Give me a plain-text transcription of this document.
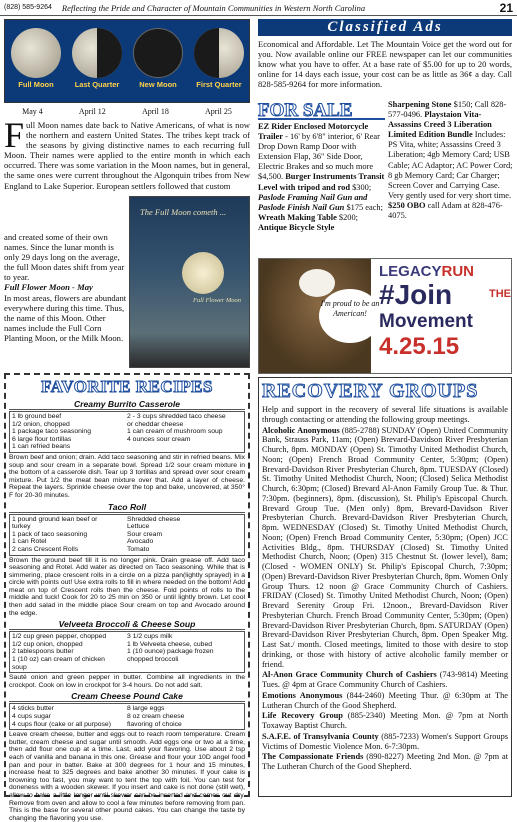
(828) 585-9264 Reflecting the Pride and Character of Mountain Communities in Western North Carolina	21
Full Moon	Last Quarter	New Moon	First Quarter
May 4	April 12	April 18	April 25
Full Moon names date back to Native Americans, of what is now the northern and eastern United States. The tribes kept track of the seasons by giving distinctive names to each recurring full Moon. Their names were applied to the entire month in which each occurred. There was some variation in the Moon names, but in general, the same ones were current throughout the Algonquin tribes from New England to Lake Superior. European settlers followed that custom
The Full Moon cometh ...
Full Flower Moon
and created some of their own names. Since the lunar month is only 29 days long on the average, the full Moon dates shift from year to year.
Full Flower Moon - May
In most areas, flowers are abundant everywhere during this time. Thus, the name of this Moon. Other names include the Full Corn Planting Moon, or the Milk Moon.
FAVORITE RECIPES
Creamy Burrito Casserole
1 lb ground beef	2 - 3 cups shredded taco cheese
1/2 onion, chopped	or cheddar cheese
1 package taco seasoning	1 can cream of mushroom soup
6 large flour tortillas	4 ounces sour cream
1 can refried beans
Brown beef and onion; drain. Add taco seasoning and stir in refried beans. Mix soup and sour cream in a separate bowl. Spread 1/2 sour cream mixture in the bottom of a casserole dish. Tear up 3 tortillas and spread over sour cream mixture. Put 1/2 the meat bean mixture over that. Add a layer of cheese. Repeat the layers. Sprinkle cheese over the top and bake, uncovered, at 350° F for 20-30 minutes.
Taco Roll
1 pound ground lean beef or	Shredded cheese
turkey	Lettuce
1 pack of taco seasoning	Sour cream
1 can Rotel	Avocado
2 cans Crescent Rolls	Tomato
Brown the ground beef till it is no longer pink. Drain grease off. Add taco seasoning and Rotel. Add water as directed on Taco seasoning. While that is simmering, place crescent rolls in a circle on a pizza pan(lightly sprayed) in a circle with points out! Use extra rolls to fill in where needed on the bottom! Add meat on top of Crescent rolls then the cheese. Fold points of rolls to the middle and tuck! Cook for 20 to 25 min on 350 or until lightly brown. Let cool then add salad in the middle place Sour cream on top and Avocado around the edge.
Velveeta Broccoli & Cheese Soup
1/2 cup green pepper, chopped	3 1/2 cups milk
1/2 cup onion, chopped	1 lb Velveeta cheese, cubed
2 tablespoons butter	1 (10 ounce) package frozen
1 (10 oz) can cream of chicken	chopped broccoli
soup
Sauté onion and green pepper in butter. Combine all ingredients in the crockpot. Cook on low in crockpot for 3-4 hours. Do not add salt.
Cream Cheese Pound Cake
4 sticks butter	8 large eggs
4 cups sugar	8 oz cream cheese
4 cups flour (cake or all purpose)	flavoring of choice
Leave cream cheese, butter and eggs out to reach room temperature. Cream butter, cream cheese and sugar until smooth. Add eggs one or two at a time, then add flour one cup at a time. Last, add your flavoring. Use about 2 tsp each of vanilla and banana in this one. Grease and flour your 10D angel food pan and pour in batter. Bake at 300 degrees for 1 hour and 15 minutes, increase heat to 325 degrees and bake another 30 minutes. If your cake is browning too fast, you may want to tent the top with foil. You can test for doneness with a wooden skewer. If you insert and cake is not done (still wet), allow to bake a little longer until skewer can be inserted and comes out dry. Remove from oven and allow to cool a few minutes before removing from pan. This is the base for several other pound cakes. You can change the taste by changing the flavoring you use.
Classified Ads
Economical and Affordable. Let The Mountain Voice get the word out for you. Now available online our FREE newspaper can let our communities know what you have to offer. At a base rate of $5.00 for up to 20 words, online for 14 days each issue, your cost can be as little as 36¢ a day. Call 828-585-9264 for more information.
FOR SALE
EZ Rider Enclosed Motorcycle Trailer - 16' by 6'8" interior, 6' Rear Drop Down Ramp Door with Extension Flap, 36" Side Door, Electric Brakes and so much more $4,500. Burger Instruments Transit Level with tripod and rod $300; Paslode Framing Nail Gun and Paslode Finish Nail Gun $175 each; Wreath Making Table $200; Antique Bicycle Style
Sharpening Stone $150; Call 828-577-0496. Playstaion Vita-Assassins Creed 3 Liberation Limited Edition Bundle Includes: PS Vita, white; Assassins Creed 3 Liberation; 4gb Memory Card; USB Cable; AC Adaptor; AC Power Cord; 8 gb Memory Card; Car Charger; Screen Cover and Carrying Case. Very gently used for very short time. $250 OBO call Adam at 828-476-4075.
I'm proud to be an American!
LEGACYRUN
#Join	THE
Movement
4.25.15
RECOVERY GROUPS

Help and support in the recovery of several life situations is available through contacting or attending the following group meetings.

Alcoholic Anonymous (885-2788) SUNDAY (Open) United Community Bank, Strauss Park, 11am; (Open) Brevard-Davidson River Presbyterian Church, 8pm. MONDAY (Open) St. Timothy United Methodist Church, Noon; (Open) French Broad Community Center, 5:30pm; (Open) Brevard-Davidson River Presbyterian Church, 8pm. TUESDAY (Closed) St. Timothy United Methodist Church, Noon; (Closed) Selica Methodist Church, 6:30pm; (Closed) Brevard Al-Anon Family Group Tue. & Thur. 7:30pm. (beginners), 8pm. (discussion), St. Philip's Episcopal Church. Brevard Group Tue. (Men only) 8pm, Brevard-Davidson River Presbyterian Church. Brevard-Davidson River Presbyterian Church, 8pm. WEDNESDAY (Closed) St. Timothy United Methodist Church, Noon; (Open) French Broad Community Center, 5:30pm; (Open) JCC Activities Bldg., 8pm. THURSDAY (Closed) St. Timothy United Methodist Church, Noon; (Open) 315 Chestnut St. (lower level), 8am; (Closed - WOMEN ONLY) St. Philip's Episcopal Church, 7:30pm; (Open) Brevard-Davidson River Presbyterian Church, 8pm. Women Only Group Thurs. 12 noon @ Grace Community Church of Cashiers. FRIDAY (Closed) St. Timothy United Methodist Church, Noon; (Open) Brevard Serenity Group Fri. 12noon., Brevard-Davidson River Presbyterian Church. French Broad Community Center, 5:30pm; (Open) Brevard-Davidson River Presbyterian Church, 8pm. SATURDAY (Open) Brevard-Davidson River Presbyterian Church, 8pm. Open Speaker Mtg. Last Sat./ month. Closed meetings, limited to those with desire to stop drinking, or those with history of active alcoholic family member or friend.

Al-Anon Grace Community Church of Cashiers (743-9814) Meeting Tues. @ 4pm at Grace Community Church of Cashiers.

Emotions Anonymous (844-2460) Meeting Thur. @ 6:30pm at The Lutheran Church of the Good Shepherd.

Life Recovery Group (885-2340) Meeting Mon. @ 7pm at North Toxaway Baptist Church.

S.A.F.E. of Transylvania County (885-7233) Women's Support Groups Victims of Domestic Violence Mon. 6-7:30pm.

The Compassionate Friends (890-8227) Meeting 2nd Mon. @ 7pm at The Lutheran Church of the Good Shepherd.
